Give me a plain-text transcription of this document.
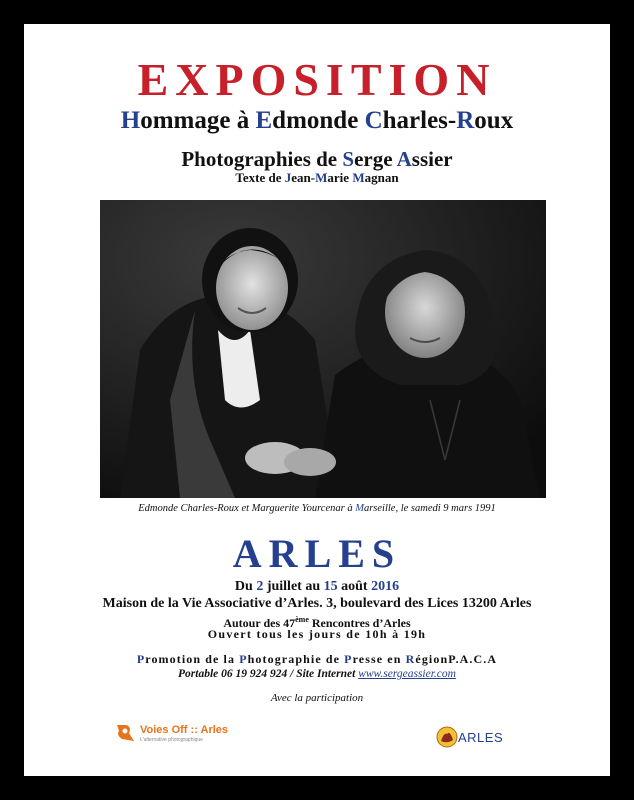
EXPOSITION
Hommage à Edmonde Charles-Roux
Photographies de Serge Assier
Texte de Jean-Marie Magnan

Edmonde Charles-Roux et Marguerite Yourcenar à Marseille, le samedi 9 mars 1991

ARLES
Du 2 juillet au 15 août 2016
Maison de la Vie Associative d’Arles. 3, boulevard des Lices 13200 Arles
Autour des 47ème Rencontres d’Arles
Ouvert tous les jours de 10h à 19h
Promotion de la Photographie de Presse en RégionP.A.C.A
Portable 06 19 924 924 / Site Internet www.sergeassier.com
Avec la participation
Voies Off :: Arles
L'alternative photographique	ARLES
© Serge Assier
